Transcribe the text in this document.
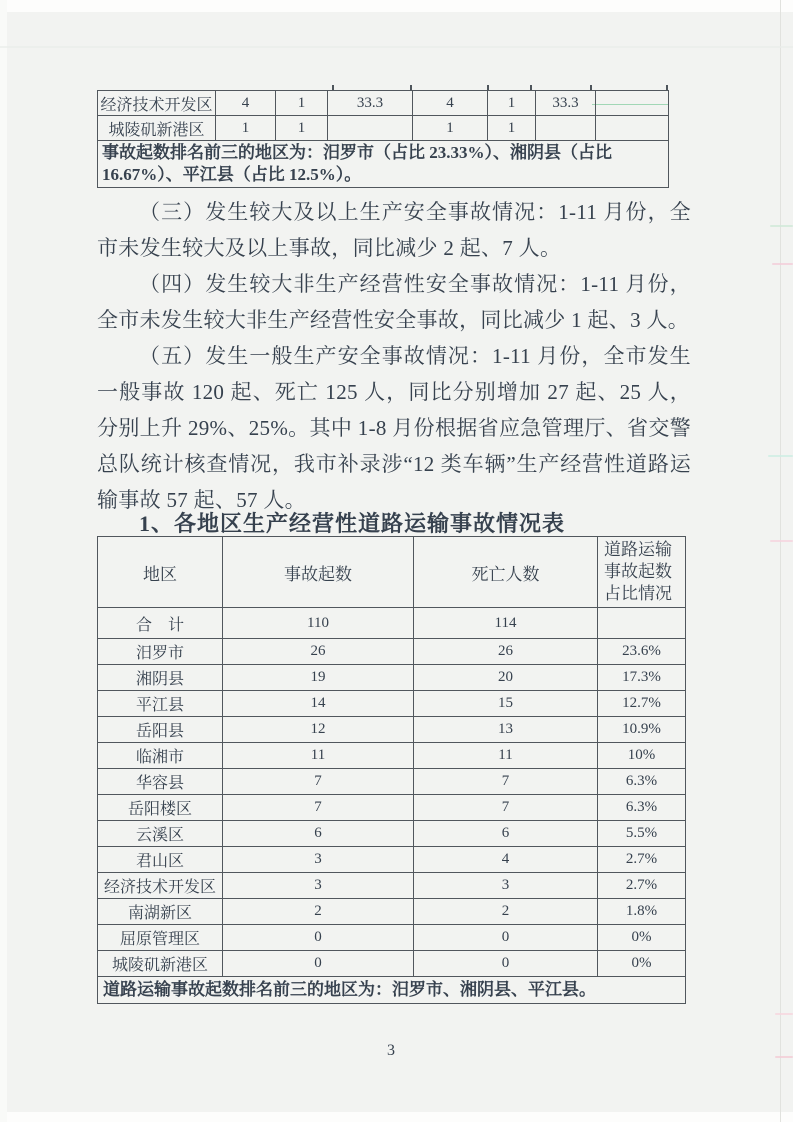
经济技术开发区	4	1	33.3	4	1	33.3	
城陵矶新港区	1	1		1	1		
事故起数排名前三的地区为：汨罗市（占比 23.33%）、湘阴县（占比 16.67%）、平江县（占比 12.5%）。							

（三）发生较大及以上生产安全事故情况：1-11 月份，全市未发生较大及以上事故，同比减少 2 起、7 人。

（四）发生较大非生产经营性安全事故情况：1-11 月份，全市未发生较大非生产经营性安全事故，同比减少 1 起、3 人。

（五）发生一般生产安全事故情况：1-11 月份，全市发生一般事故 120 起、死亡 125 人，同比分别增加 27 起、25 人，分别上升 29%、25%。其中 1-8 月份根据省应急管理厅、省交警总队统计核查情况，我市补录涉“12 类车辆”生产经营性道路运输事故 57 起、57 人。

1、各地区生产经营性道路运输事故情况表
地区	事故起数	死亡人数	道路运输事故起数占比情况
合　计	110	114	
汨罗市	26	26	23.6%
湘阴县	19	20	17.3%
平江县	14	15	12.7%
岳阳县	12	13	10.9%
临湘市	11	11	10%
华容县	7	7	6.3%
岳阳楼区	7	7	6.3%
云溪区	6	6	5.5%
君山区	3	4	2.7%
经济技术开发区	3	3	2.7%
南湖新区	2	2	1.8%
屈原管理区	0	0	0%
城陵矶新港区	0	0	0%
道路运输事故起数排名前三的地区为：汨罗市、湘阴县、平江县。			
3
